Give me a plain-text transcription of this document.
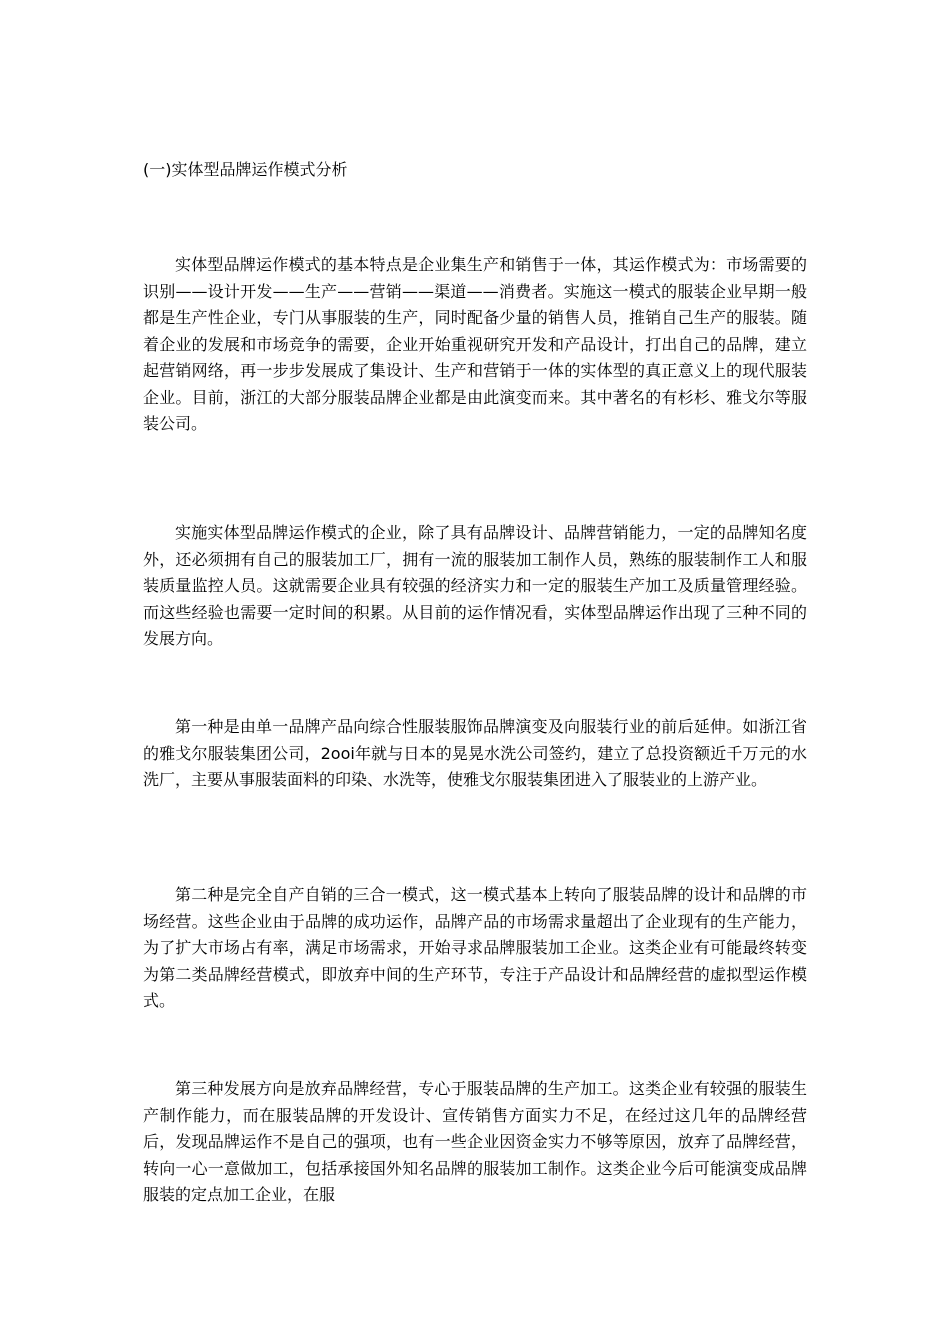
(一)实体型品牌运作模式分析

实体型品牌运作模式的基本特点是企业集生产和销售于一体，其运作模式为：市场需要的识别——设计开发——生产——营销——渠道——消费者。实施这一模式的服装企业早期一般都是生产性企业，专门从事服装的生产，同时配备少量的销售人员，推销自己生产的服装。随着企业的发展和市场竞争的需要，企业开始重视研究开发和产品设计，打出自己的品牌，建立起营销网络，再一步步发展成了集设计、生产和营销于一体的实体型的真正意义上的现代服装企业。目前，浙江的大部分服装品牌企业都是由此演变而来。其中著名的有杉杉、雅戈尔等服装公司。

实施实体型品牌运作模式的企业，除了具有品牌设计、品牌营销能力，一定的品牌知名度外，还必须拥有自己的服装加工厂，拥有一流的服装加工制作人员，熟练的服装制作工人和服装质量监控人员。这就需要企业具有较强的经济实力和一定的服装生产加工及质量管理经验。而这些经验也需要一定时间的积累。从目前的运作情况看，实体型品牌运作出现了三种不同的发展方向。

第一种是由单一品牌产品向综合性服装服饰品牌演变及向服装行业的前后延伸。如浙江省的雅戈尔服装集团公司，2ooi年就与日本的晃晃水洗公司签约，建立了总投资额近千万元的水洗厂，主要从事服装面料的印染、水洗等，使雅戈尔服装集团进入了服装业的上游产业。

第二种是完全自产自销的三合一模式，这一模式基本上转向了服装品牌的设计和品牌的市场经营。这些企业由于品牌的成功运作，品牌产品的市场需求量超出了企业现有的生产能力，为了扩大市场占有率，满足市场需求，开始寻求品牌服装加工企业。这类企业有可能最终转变为第二类品牌经营模式，即放弃中间的生产环节，专注于产品设计和品牌经营的虚拟型运作模式。

第三种发展方向是放弃品牌经营，专心于服装品牌的生产加工。这类企业有较强的服装生产制作能力，而在服装品牌的开发设计、宣传销售方面实力不足，在经过这几年的品牌经营后，发现品牌运作不是自己的强项，也有一些企业因资金实力不够等原因，放弃了品牌经营，转向一心一意做加工，包括承接国外知名品牌的服装加工制作。这类企业今后可能演变成品牌服装的定点加工企业，在服
